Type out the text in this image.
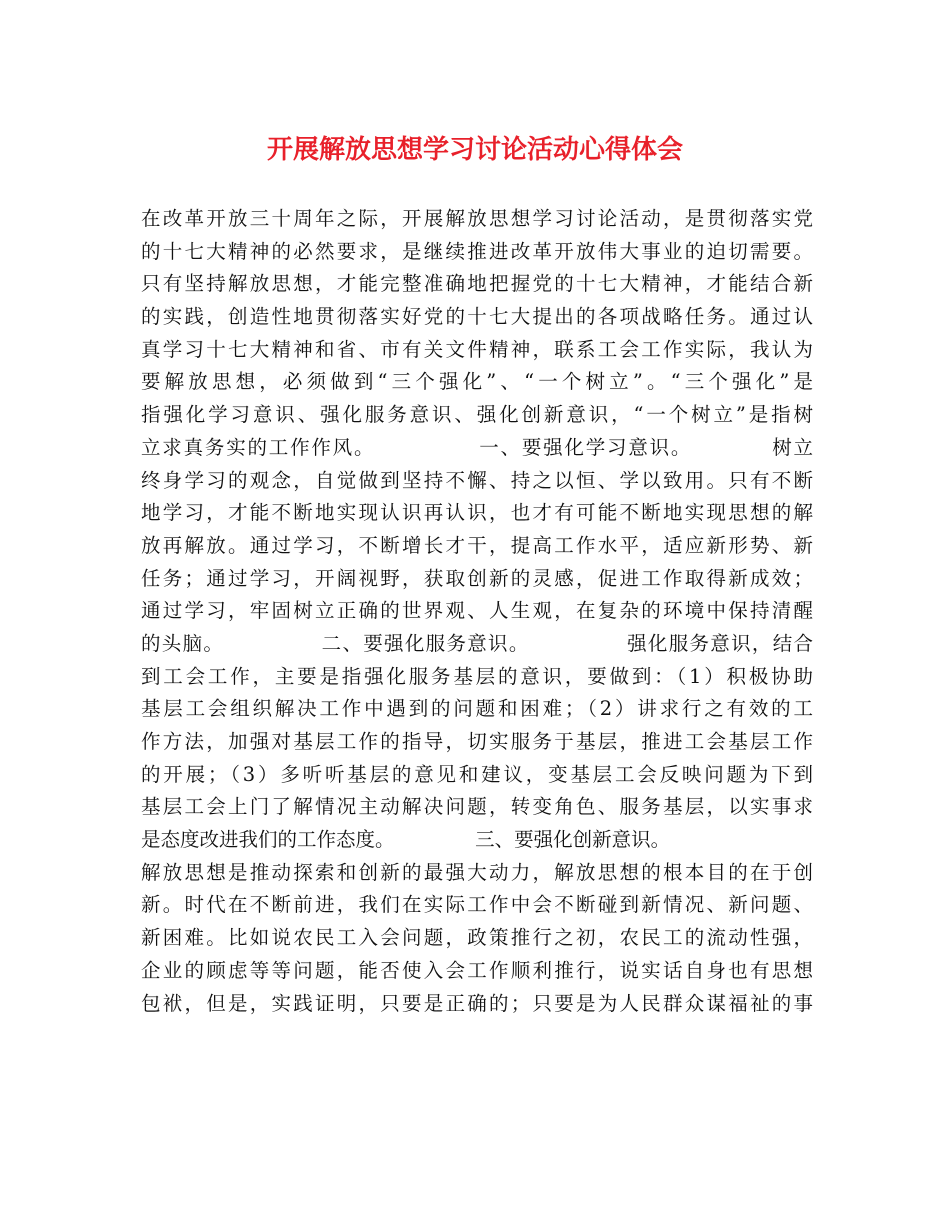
开展解放思想学习讨论活动心得体会
在改革开放三十周年之际，开展解放思想学习讨论活动，是贯彻落实党
的十七大精神的必然要求，是继续推进改革开放伟大事业的迫切需要。
只有坚持解放思想，才能完整准确地把握党的十七大精神，才能结合新
的实践，创造性地贯彻落实好党的十七大提出的各项战略任务。通过认
真学习十七大精神和省、市有关文件精神，联系工会工作实际，我认为
要解放思想，必须做到“三个强化”、“一个树立”。“三个强化”是
指强化学习意识、强化服务意识、强化创新意识，“一个树立”是指树
立求真务实的工作作风。             一、要强化学习意识。          树立
终身学习的观念，自觉做到坚持不懈、持之以恒、学以致用。只有不断
地学习，才能不断地实现认识再认识，也才有可能不断地实现思想的解
放再解放。通过学习，不断增长才干，提高工作水平，适应新形势、新
任务；通过学习，开阔视野，获取创新的灵感，促进工作取得新成效；
通过学习，牢固树立正确的世界观、人生观，在复杂的环境中保持清醒
的头脑。             二、要强化服务意识。             强化服务意识，结合
到工会工作，主要是指强化服务基层的意识，要做到：（1）积极协助
基层工会组织解决工作中遇到的问题和困难；（2）讲求行之有效的工
作方法，加强对基层工作的指导，切实服务于基层，推进工会基层工作
的开展；（3）多听听基层的意见和建议，变基层工会反映问题为下到
基层工会上门了解情况主动解决问题，转变角色、服务基层，以实事求
是态度改进我们的工作态度。             三、要强化创新意识。
解放思想是推动探索和创新的最强大动力，解放思想的根本目的在于创
新。时代在不断前进，我们在实际工作中会不断碰到新情况、新问题、
新困难。比如说农民工入会问题，政策推行之初，农民工的流动性强，
企业的顾虑等等问题，能否使入会工作顺利推行，说实话自身也有思想
包袱，但是，实践证明，只要是正确的；只要是为人民群众谋福祉的事
